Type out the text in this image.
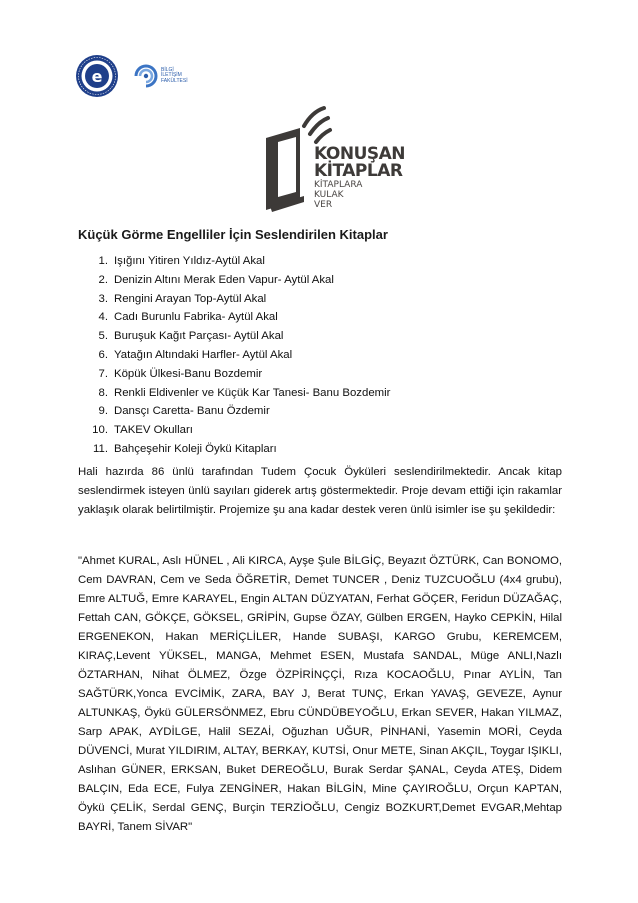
e	BİLGİ
İLETİŞİM
FAKÜLTESİ
KONUŞAN
KİTAPLAR
KİTAPLARA
KULAK
VER
Küçük Görme Engelliler İçin Seslendirilen Kitaplar
1. Işığını Yitiren Yıldız-Aytül Akal
2. Denizin Altını Merak Eden Vapur- Aytül Akal
3. Rengini Arayan Top-Aytül Akal
4. Cadı Burunlu Fabrika- Aytül Akal
5. Buruşuk Kağıt Parçası- Aytül Akal
6. Yatağın Altındaki Harfler- Aytül Akal
7. Köpük Ülkesi-Banu Bozdemir
8. Renkli Eldivenler ve Küçük Kar Tanesi- Banu Bozdemir
9. Dansçı Caretta- Banu Özdemir
10. TAKEV Okulları
11. Bahçeşehir Koleji Öykü Kitapları

Hali hazırda 86 ünlü tarafından Tudem Çocuk Öyküleri seslendirilmektedir. Ancak kitap seslendirmek isteyen ünlü sayıları giderek artış göstermektedir. Proje devam ettiği için rakamlar yaklaşık olarak belirtilmiştir. Projemize şu ana kadar destek veren ünlü isimler ise şu şekildedir:

"Ahmet KURAL, Aslı HÜNEL , Ali KIRCA, Ayşe Şule BİLGİÇ, Beyazıt ÖZTÜRK, Can BONOMO, Cem DAVRAN, Cem ve Seda ÖĞRETİR, Demet TUNCER , Deniz TUZCUOĞLU (4x4 grubu), Emre ALTUĞ, Emre KARAYEL, Engin ALTAN DÜZYATAN, Ferhat GÖÇER, Feridun DÜZAĞAÇ, Fettah CAN, GÖKÇE, GÖKSEL, GRİPİN, Gupse ÖZAY, Gülben ERGEN, Hayko CEPKİN, Hilal ERGENEKON, Hakan MERİÇLİLER, Hande SUBAŞI, KARGO Grubu, KEREMCEM, KIRAÇ,Levent YÜKSEL, MANGA, Mehmet ESEN, Mustafa SANDAL, Müge ANLI,Nazlı ÖZTARHAN, Nihat ÖLMEZ, Özge ÖZPİRİNÇÇİ, Rıza KOCAOĞLU, Pınar AYLİN, Tan SAĞTÜRK,Yonca EVCİMİK, ZARA, BAY J, Berat TUNÇ, Erkan YAVAŞ, GEVEZE, Aynur ALTUNKAŞ, Öykü GÜLERSÖNMEZ, Ebru CÜNDÜBEYOĞLU, Erkan SEVER, Hakan YILMAZ, Sarp APAK, AYDİLGE, Halil SEZAİ, Oğuzhan UĞUR, PİNHANİ, Yasemin MORİ, Ceyda DÜVENCİ, Murat YILDIRIM, ALTAY, BERKAY, KUTSİ, Onur METE, Sinan AKÇIL, Toygar IŞIKLI, Aslıhan GÜNER, ERKSAN, Buket DEREOĞLU, Burak Serdar ŞANAL, Ceyda ATEŞ, Didem BALÇIN, Eda ECE, Fulya ZENGİNER, Hakan BİLGİN, Mine ÇAYIROĞLU, Orçun KAPTAN, Öykü ÇELİK, Serdal GENÇ, Burçin TERZİOĞLU, Cengiz BOZKURT,Demet EVGAR,Mehtap BAYRİ, Tanem SİVAR"
